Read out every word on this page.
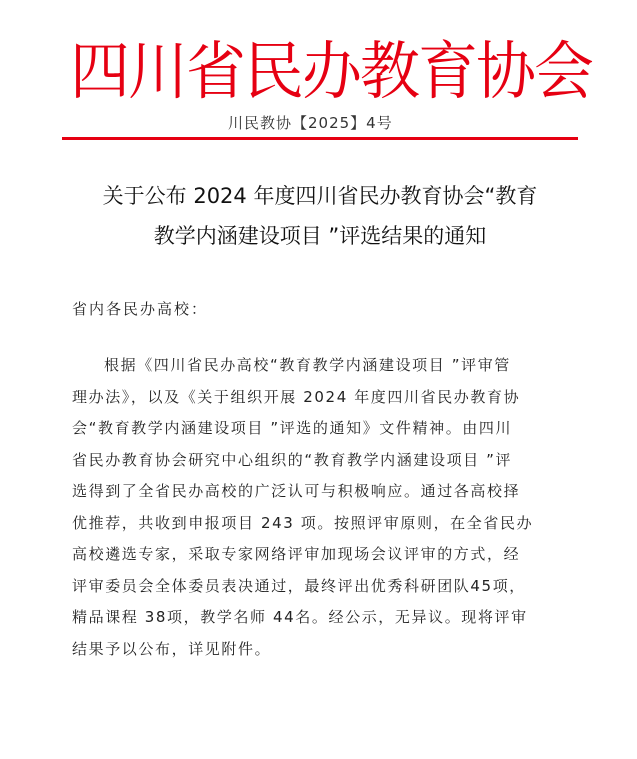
四川省民办教育协会
川民教协【2025】4号
关于公布 2024 年度四川省民办教育协会“教育
教学内涵建设项目 ”评选结果的通知
省内各民办高校：
根据《四川省民办高校“教育教学内涵建设项目 ”评审管
理办法》，以及《关于组织开展 2024 年度四川省民办教育协
会“教育教学内涵建设项目 ”评选的通知》文件精神。由四川
省民办教育协会研究中心组织的“教育教学内涵建设项目 ”评
选得到了全省民办高校的广泛认可与积极响应。通过各高校择
优推荐，共收到申报项目 243 项。按照评审原则，在全省民办
高校遴选专家，采取专家网络评审加现场会议评审的方式，经
评审委员会全体委员表决通过，最终评出优秀科研团队45项，
精品课程 38项，教学名师 44名。经公示，无异议。现将评审
结果予以公布，详见附件。
